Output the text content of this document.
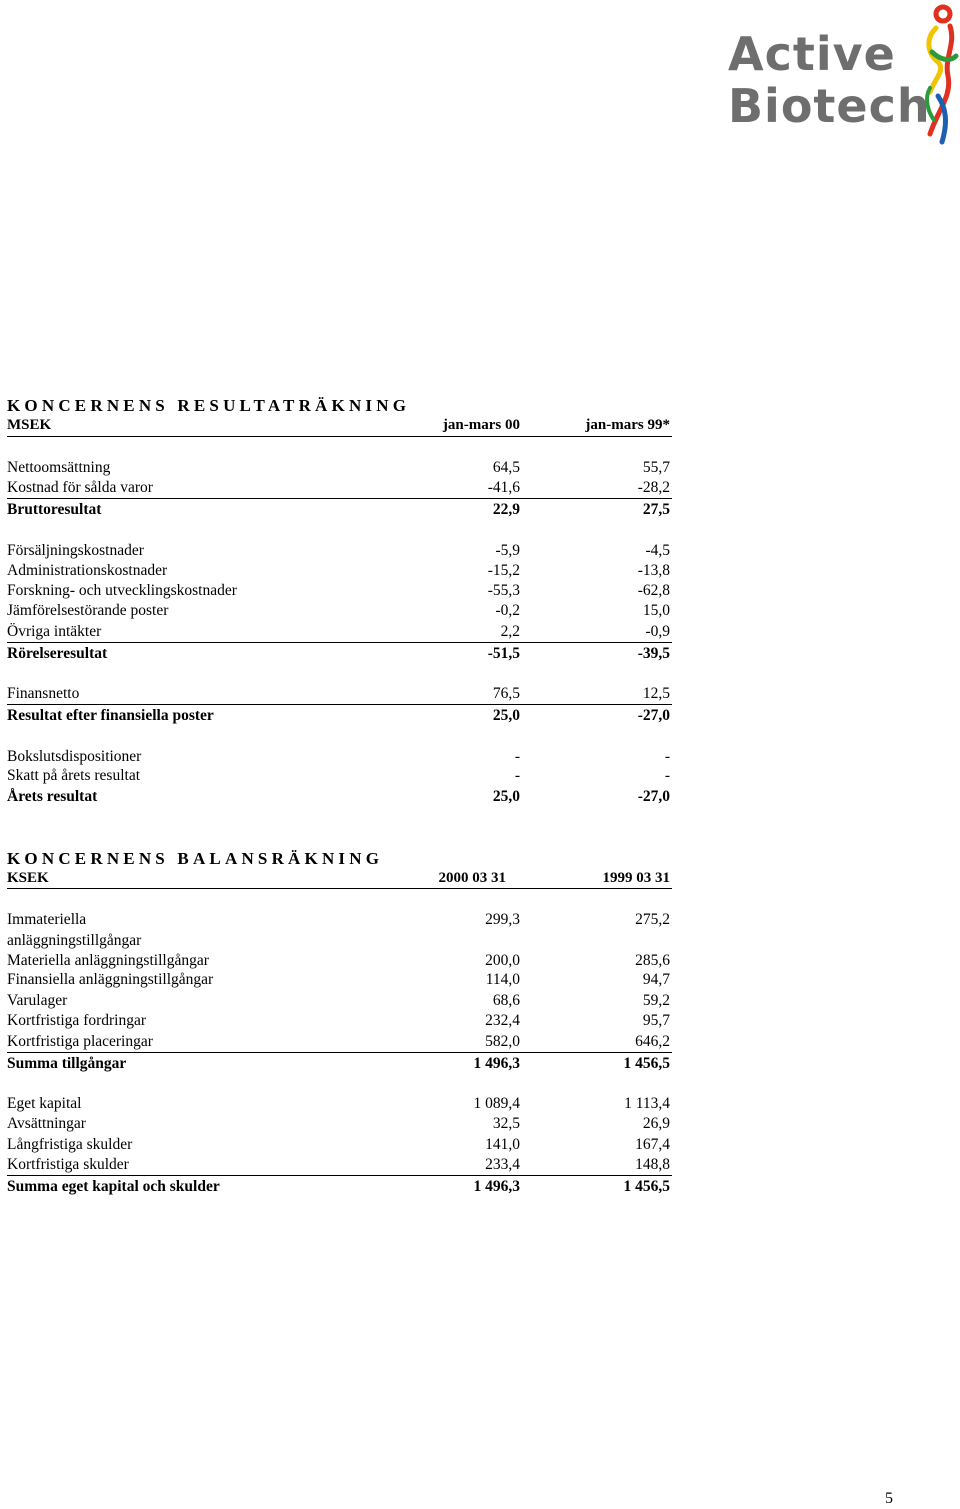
Active
Biotech
KONCERNENS RESULTATRÄKNING
MSEK	jan-mars 00	jan-mars 99*
Nettoomsättning	64,5	55,7
Kostnad för sålda varor	-41,6	-28,2
Bruttoresultat	22,9	27,5
Försäljningskostnader	-5,9	-4,5
Administrationskostnader	-15,2	-13,8
Forskning- och utvecklingskostnader	-55,3	-62,8
Jämförelsestörande poster	-0,2	15,0
Övriga intäkter	2,2	-0,9
Rörelseresultat	-51,5	-39,5
Finansnetto	76,5	12,5
Resultat efter finansiella poster	25,0	-27,0
Bokslutsdispositioner	-	-
Skatt på årets resultat	-	-
Årets resultat	25,0	-27,0
KONCERNENS BALANSRÄKNING
KSEK	2000 03 31	1999 03 31
Immateriella	299,3	275,2
anläggningstillgångar
Materiella anläggningstillgångar	200,0	285,6
Finansiella anläggningstillgångar	114,0	94,7
Varulager	68,6	59,2
Kortfristiga fordringar	232,4	95,7
Kortfristiga placeringar	582,0	646,2
Summa tillgångar	1 496,3	1 456,5
Eget kapital	1 089,4	1 113,4
Avsättningar	32,5	26,9
Långfristiga skulder	141,0	167,4
Kortfristiga skulder	233,4	148,8
Summa eget kapital och skulder	1 496,3	1 456,5
5
